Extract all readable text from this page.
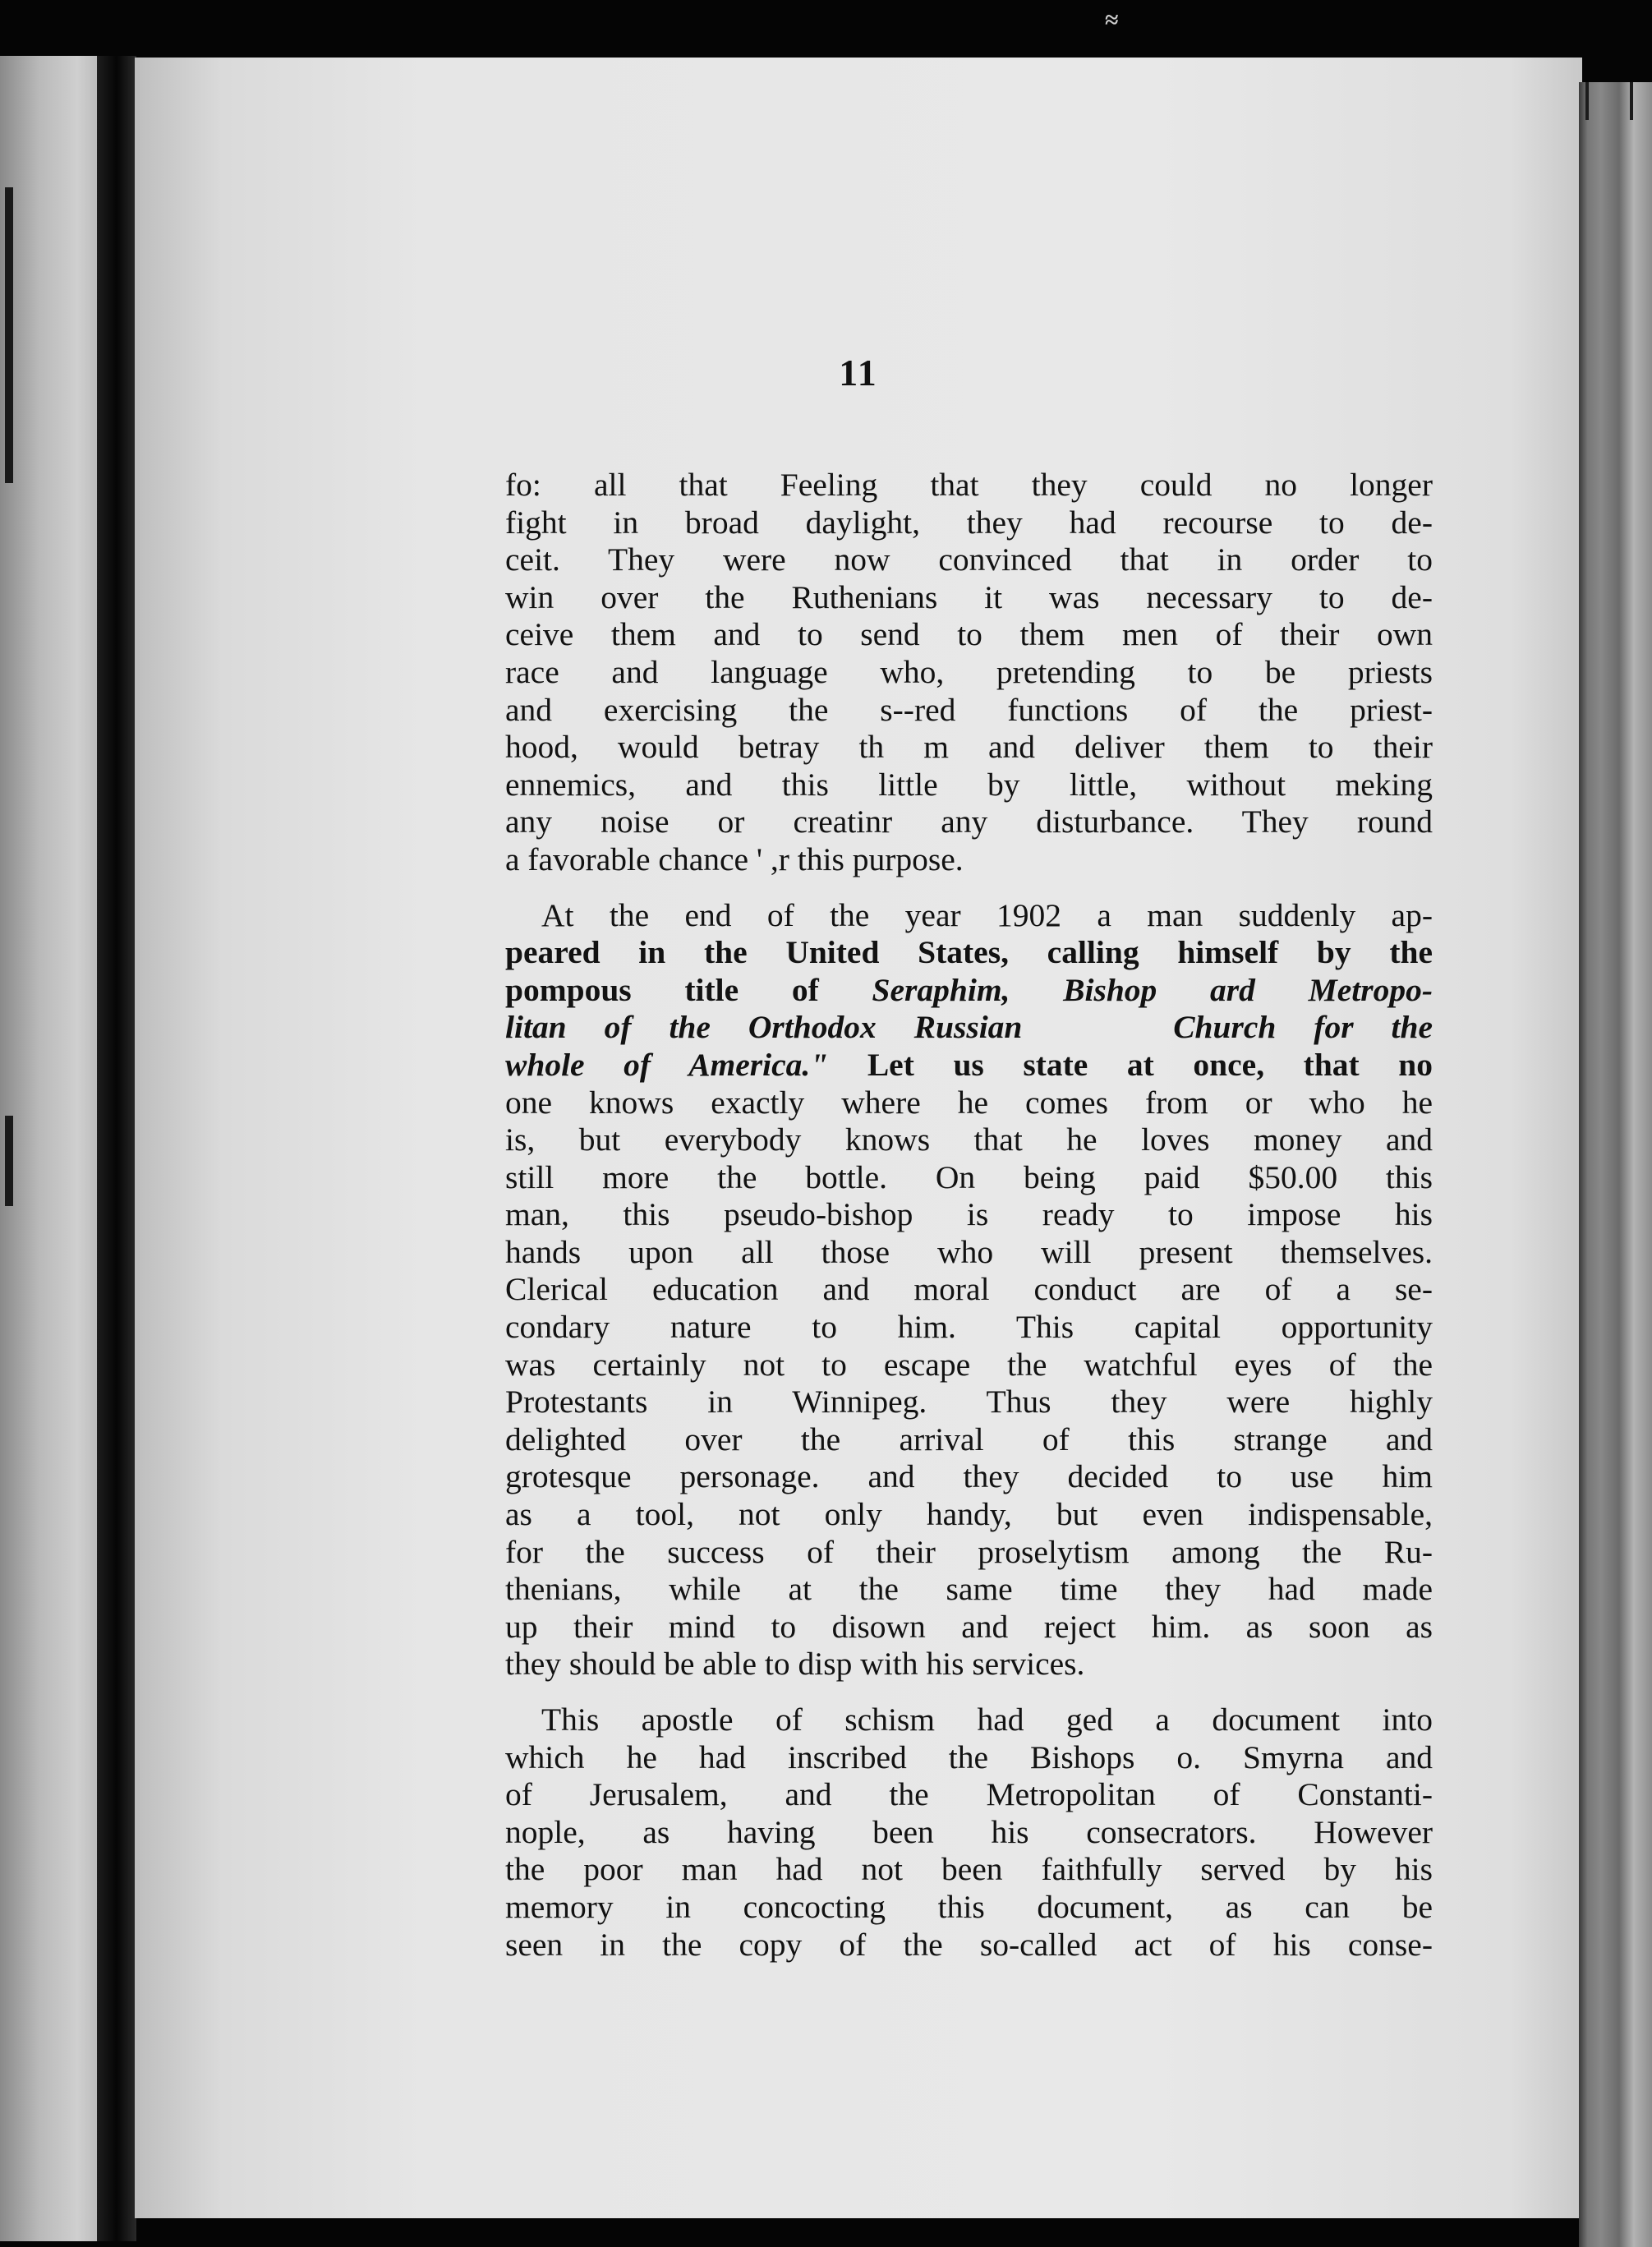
≈
11
fo: all that Feeling that they could no longer
fight in broad daylight, they had recourse to de-
ceit. They were now convinced that in order to
win over the Ruthenians it was necessary to de-
ceive them and to send to them men of their own
race and language who, pretending to be priests
and exercising the s--red functions of the priest-
hood, would betray th m and deliver them to their
ennemics, and this little by little, without meking
any noise or creatinr any disturbance. They round
a favorable chance ' ,r this purpose.
At the end of the year 1902 a man suddenly ap-
peared in the United States, calling himself by the
pompous title of Seraphim, Bishop ard Metropo-
litan of the Orthodox Russian	Church for the
whole of America." Let us state at once, that no
one knows exactly where he comes from or who he
is, but everybody knows that he loves money and
still more the bottle. On being paid $50.00 this
man, this pseudo-bishop is ready to impose his
hands upon all those who will present themselves.
Clerical education and moral conduct are of a se-
condary nature to him. This capital opportunity
was certainly not to escape the watchful eyes of the
Protestants in Winnipeg. Thus they were highly
delighted over the arrival of this strange and
grotesque personage. and they decided to use him
as a tool, not only handy, but even indispensable,
for the success of their proselytism among the Ru-
thenians, while at the same time they had made
up their mind to disown and reject him. as soon as
they should be able to disp with his services.
This apostle of schism had ged a document into
which he had inscribed the Bishops o. Smyrna and
of Jerusalem, and the Metropolitan of Constanti-
nople, as having been his consecrators. However
the poor man had not been faithfully served by his
memory in concocting this document, as can be
seen in the copy of the so-called act of his conse-
